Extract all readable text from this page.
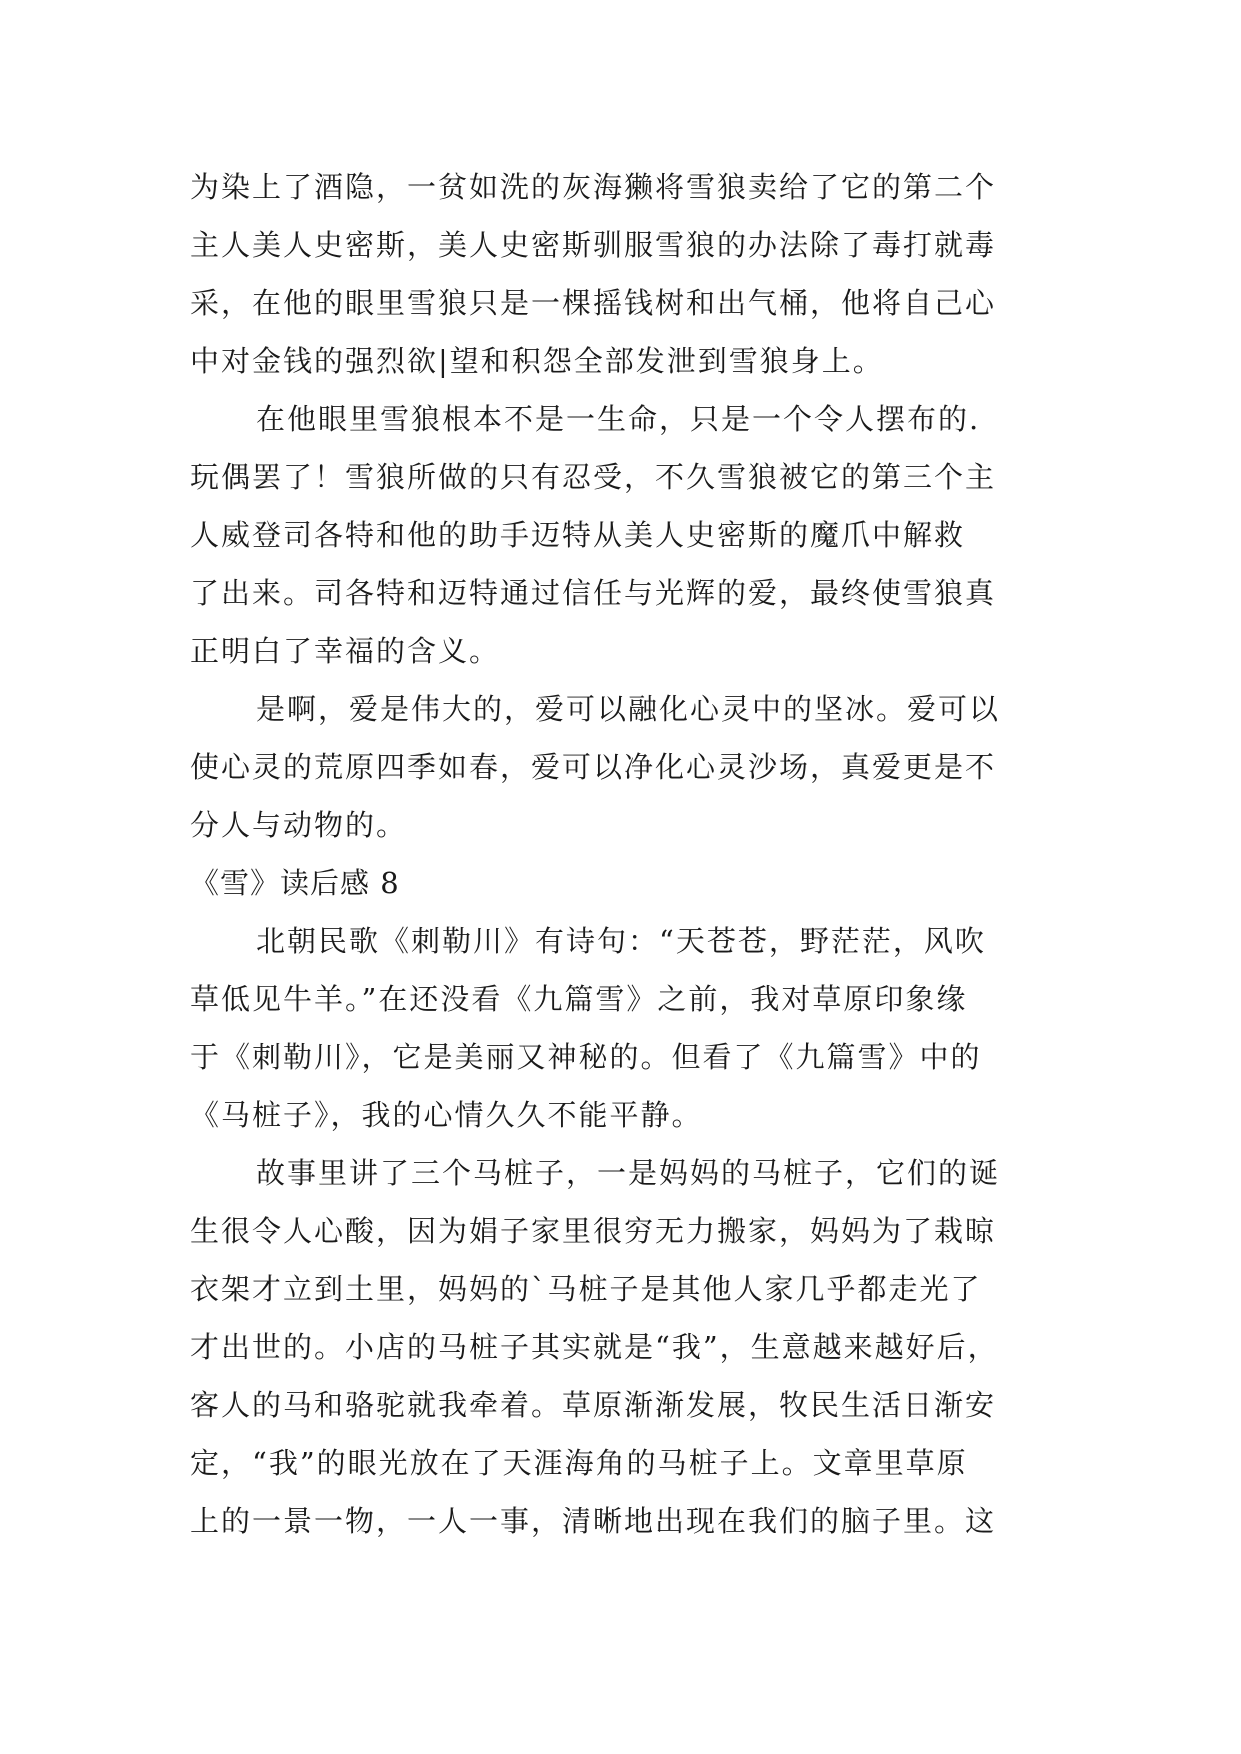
为染上了酒隐，一贫如洗的灰海獭将雪狼卖给了它的第二个
主人美人史密斯，美人史密斯驯服雪狼的办法除了毒打就毒
采，在他的眼里雪狼只是一棵摇钱树和出气桶，他将自己心
中对金钱的强烈欲|望和积怨全部发泄到雪狼身上。
在他眼里雪狼根本不是一生命，只是一个令人摆布的.
玩偶罢了！雪狼所做的只有忍受，不久雪狼被它的第三个主
人威登司各特和他的助手迈特从美人史密斯的魔爪中解救
了出来。司各特和迈特通过信任与光辉的爱，最终使雪狼真
正明白了幸福的含义。
是啊，爱是伟大的，爱可以融化心灵中的坚冰。爱可以
使心灵的荒原四季如春，爱可以净化心灵沙场，真爱更是不
分人与动物的。
《雪》读后感 8
北朝民歌《刺勒川》有诗句：“天苍苍，野茫茫，风吹
草低见牛羊。”在还没看《九篇雪》之前，我对草原印象缘
于《刺勒川》，它是美丽又神秘的。但看了《九篇雪》中的
《马桩子》，我的心情久久不能平静。
故事里讲了三个马桩子，一是妈妈的马桩子，它们的诞
生很令人心酸，因为娟子家里很穷无力搬家，妈妈为了栽晾
衣架才立到土里，妈妈的`马桩子是其他人家几乎都走光了
才出世的。小店的马桩子其实就是“我”，生意越来越好后，
客人的马和骆驼就我牵着。草原渐渐发展，牧民生活日渐安
定，“我”的眼光放在了天涯海角的马桩子上。文章里草原
上的一景一物，一人一事，清晰地出现在我们的脑子里。这
